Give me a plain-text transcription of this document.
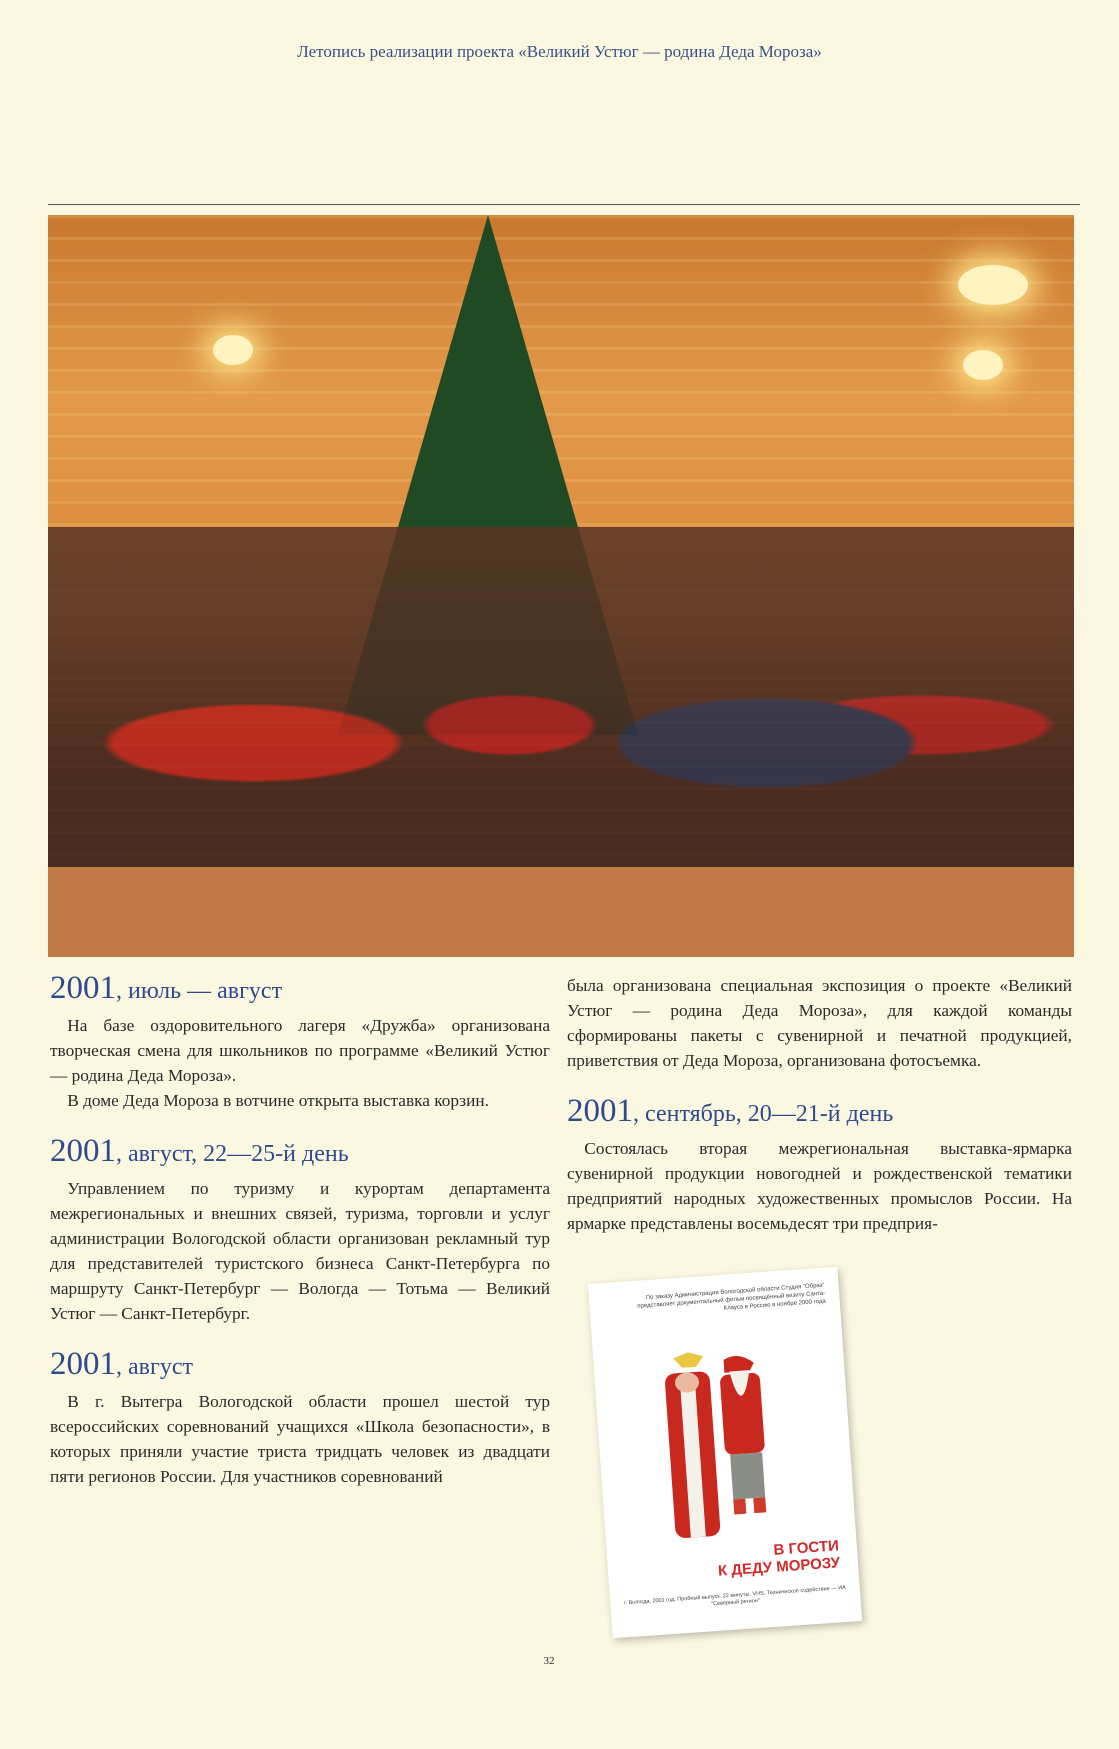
Летопись реализации проекта «Великий Устюг — родина Деда Мороза»
2001, июль — август

На базе оздоровительного лагеря «Дружба» организована творческая смена для школьников по программе «Великий Устюг — родина Деда Мороза».

В доме Деда Мороза в вотчине открыта выставка корзин.

2001, август, 22—25-й день

Управлением по туризму и курортам департамента межрегиональных и внешних связей, туризма, торговли и услуг администрации Вологодской области организован рекламный тур для представителей туристского бизнеса Санкт-Петербурга по маршруту Санкт-Петербург — Вологда — Тотьма — Великий Устюг — Санкт-Петербург.

2001, август

В г. Вытегра Вологодской области прошел шестой тур всероссийских соревнований учащихся «Школа безопасности», в которых приняли участие триста тридцать человек из двадцати пяти регионов России. Для участников соревнований

была организована специальная экспозиция о проекте «Великий Устюг — родина Деда Мороза», для каждой команды сформированы пакеты с сувенирной и печатной продукцией, приветствия от Деда Мороза, организована фотосъемка.

2001, сентябрь, 20—21-й день

Состоялась вторая межрегиональная выставка-ярмарка сувенирной продукции новогодней и рождественской тематики предприятий народных художественных промыслов России. На ярмарке представлены восемьдесят три предприя-

По заказу Администрации Вологодской области Студия "Образ" представляет документальный фильм посвящённый визиту Санта-Клауса в Россию в ноябре 2000 года
В ГОСТИ
К ДЕДУ МОРОЗУ
г. Вологда, 2001 год. Пробный выпуск. 22 минуты. VHS. Техническое содействие — ИА "Северный регион"
32
